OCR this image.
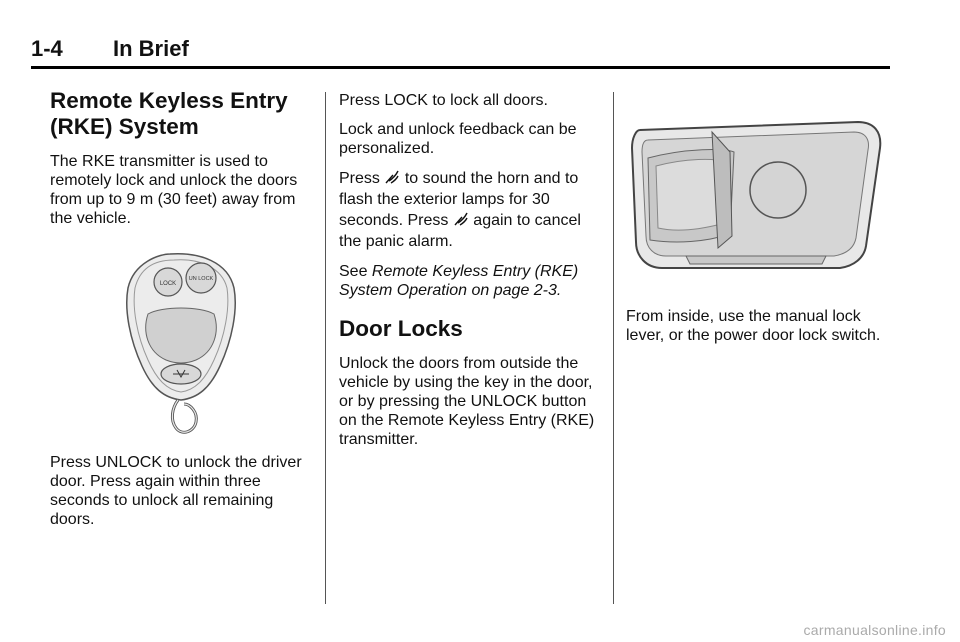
1-4 In Brief
Remote Keyless Entry
(RKE) System

The RKE transmitter is used to remotely lock and unlock the doors from up to 9 m (30 feet) away from the vehicle.

LOCK
UN LOCK

Press UNLOCK to unlock the driver door. Press again within three seconds to unlock all remaining doors.

Press LOCK to lock all doors.

Lock and unlock feedback can be personalized.

Press to sound the horn and to flash the exterior lamps for 30 seconds. Press again to cancel the panic alarm.

See Remote Keyless Entry (RKE) System Operation on page 2-3.

Door Locks

Unlock the doors from outside the vehicle by using the key in the door, or by pressing the UNLOCK button on the Remote Keyless Entry (RKE) transmitter.

From inside, use the manual lock lever, or the power door lock switch.

carmanualsonline.info
